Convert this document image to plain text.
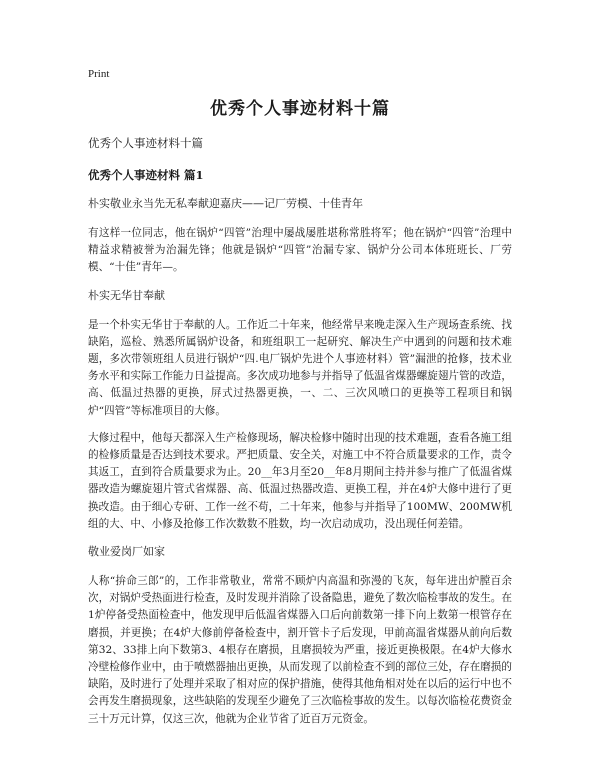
Print
优秀个人事迹材料十篇
优秀个人事迹材料十篇
优秀个人事迹材料 篇1
朴实敬业永当先无私奉献迎嘉庆——记厂劳模、十佳青年

有这样一位同志，他在锅炉“四管”治理中屡战屡胜堪称常胜将军；他在锅炉“四管”治理中精益求精被誉为治漏先锋；他就是锅炉“四管”治漏专家、锅炉分公司本体班班长、厂劳模、“十佳”青年—。

朴实无华甘奉献

是一个朴实无华甘于奉献的人。工作近二十年来，他经常早来晚走深入生产现场查系统、找缺陷，巡检、熟悉所属锅炉设备，和班组职工一起研究、解决生产中遇到的问题和技术难题，多次带领班组人员进行锅炉“四.电厂锅炉先进个人事迹材料）管”漏泄的抢修，技术业务水平和实际工作能力日益提高。多次成功地参与并指导了低温省煤器螺旋翅片管的改造，高、低温过热器的更换，屏式过热器更换，一、二、三次风喷口的更换等工程项目和锅炉“四管”等标准项目的大修。

大修过程中，他每天都深入生产检修现场，解决检修中随时出现的技术难题，查看各施工组的检修质量是否达到技术要求。严把质量、安全关，对施工中不符合质量要求的工作，责令其返工，直到符合质量要求为止。20__年3月至20__年8月期间主持并参与推广了低温省煤器改造为螺旋翅片管式省煤器、高、低温过热器改造、更换工程，并在4炉大修中进行了更换改造。由于细心专研、工作一丝不苟，二十年来，他参与并指导了100MW、200MW机组的大、中、小修及抢修工作次数数不胜数，均一次启动成功，没出现任何差错。

敬业爱岗厂如家

人称“拚命三郎”的，工作非常敬业，常常不顾炉内高温和弥漫的飞灰，每年进出炉膛百余次，对锅炉受热面进行检查，及时发现并消除了设备隐患，避免了数次临检事故的发生。在1炉停备受热面检查中，他发现甲后低温省煤器入口后向前数第一排下向上数第一根管存在磨损，并更换；在4炉大修前停备检查中，割开管卡子后发现，甲前高温省煤器从前向后数第32、33排上向下数第3、4根存在磨损，且磨损较为严重，接近更换极限。在4炉大修水冷壁检修作业中，由于喷燃器抽出更换，从而发现了以前检查不到的部位三处，存在磨损的缺陷，及时进行了处理并采取了相对应的保护措施，使得其他角相对处在以后的运行中也不会再发生磨损现象，这些缺陷的发现至少避免了三次临检事故的发生。以每次临检花费资金三十万元计算，仅这三次，他就为企业节省了近百万元资金。
